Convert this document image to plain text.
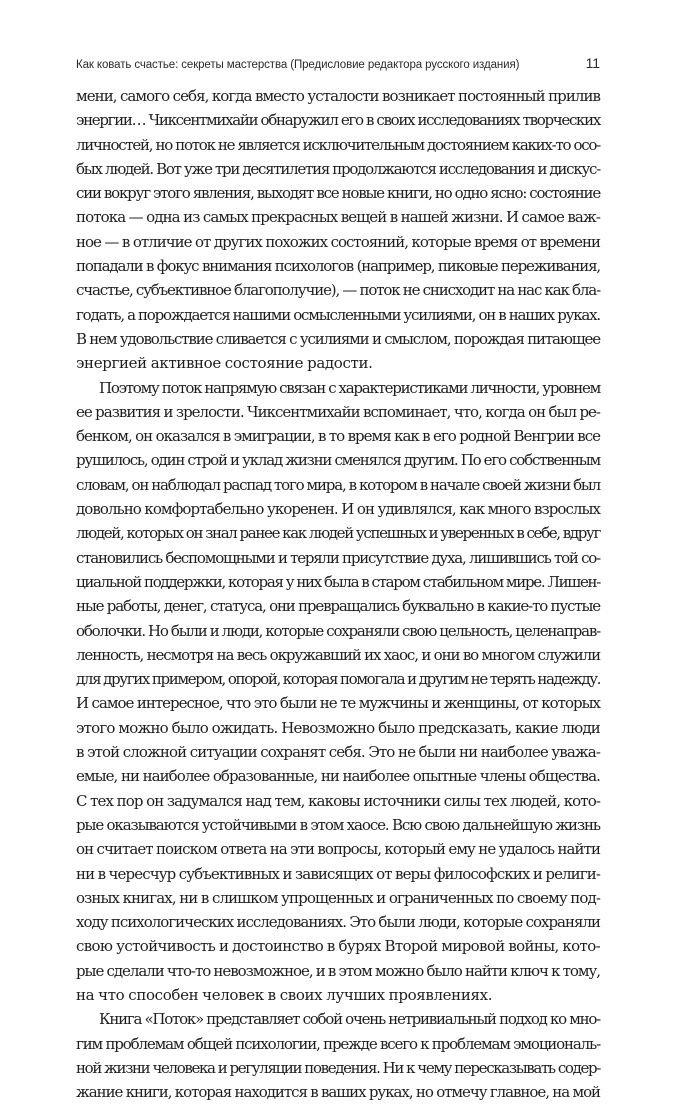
Как ковать счастье: секреты мастерства (Предисловие редактора русского издания)	11
мени, самого себя, когда вместо усталости возникает постоянный прилив
энергии… Чиксентмихайи обнаружил его в своих исследованиях творческих
личностей, но поток не является исключительным достоянием каких-то осо-
бых людей. Вот уже три десятилетия продолжаются исследования и дискус-
сии вокруг этого явления, выходят все новые книги, но одно ясно: состояние
потока — одна из самых прекрасных вещей в нашей жизни. И самое важ-
ное — в отличие от других похожих состояний, которые время от времени
попадали в фокус внимания психологов (например, пиковые переживания,
счастье, субъективное благополучие), — поток не снисходит на нас как бла-
годать, а порождается нашими осмысленными усилиями, он в наших руках.
В нем удовольствие сливается с усилиями и смыслом, порождая питающее
энергией активное состояние радости.
Поэтому поток напрямую связан с характеристиками личности, уровнем
ее развития и зрелости. Чиксентмихайи вспоминает, что, когда он был ре-
бенком, он оказался в эмиграции, в то время как в его родной Венгрии все
рушилось, один строй и уклад жизни сменялся другим. По его собственным
словам, он наблюдал распад того мира, в котором в начале своей жизни был
довольно комфортабельно укоренен. И он удивлялся, как много взрослых
людей, которых он знал ранее как людей успешных и уверенных в себе, вдруг
становились беспомощными и теряли присутствие духа, лишившись той со-
циальной поддержки, которая у них была в старом стабильном мире. Лишен-
ные работы, денег, статуса, они превращались буквально в какие-то пустые
оболочки. Но были и люди, которые сохраняли свою цельность, целенаправ-
ленность, несмотря на весь окружавший их хаос, и они во многом служили
для других примером, опорой, которая помогала и другим не терять надежду.
И самое интересное, что это были не те мужчины и женщины, от которых
этого можно было ожидать. Невозможно было предсказать, какие люди
в этой сложной ситуации сохранят себя. Это не были ни наиболее уважа-
емые, ни наиболее образованные, ни наиболее опытные члены общества.
С тех пор он задумался над тем, каковы источники силы тех людей, кото-
рые оказываются устойчивыми в этом хаосе. Всю свою дальнейшую жизнь
он считает поиском ответа на эти вопросы, который ему не удалось найти
ни в чересчур субъективных и зависящих от веры философских и религи-
озных книгах, ни в слишком упрощенных и ограниченных по своему под-
ходу психологических исследованиях. Это были люди, которые сохраняли
свою устойчивость и достоинство в бурях Второй мировой войны, кото-
рые сделали что-то невозможное, и в этом можно было найти ключ к тому,
на что способен человек в своих лучших проявлениях.
Книга «Поток» представляет собой очень нетривиальный подход ко мно-
гим проблемам общей психологии, прежде всего к проблемам эмоциональ-
ной жизни человека и регуляции поведения. Ни к чему пересказывать содер-
жание книги, которая находится в ваших руках, но отмечу главное, на мой
